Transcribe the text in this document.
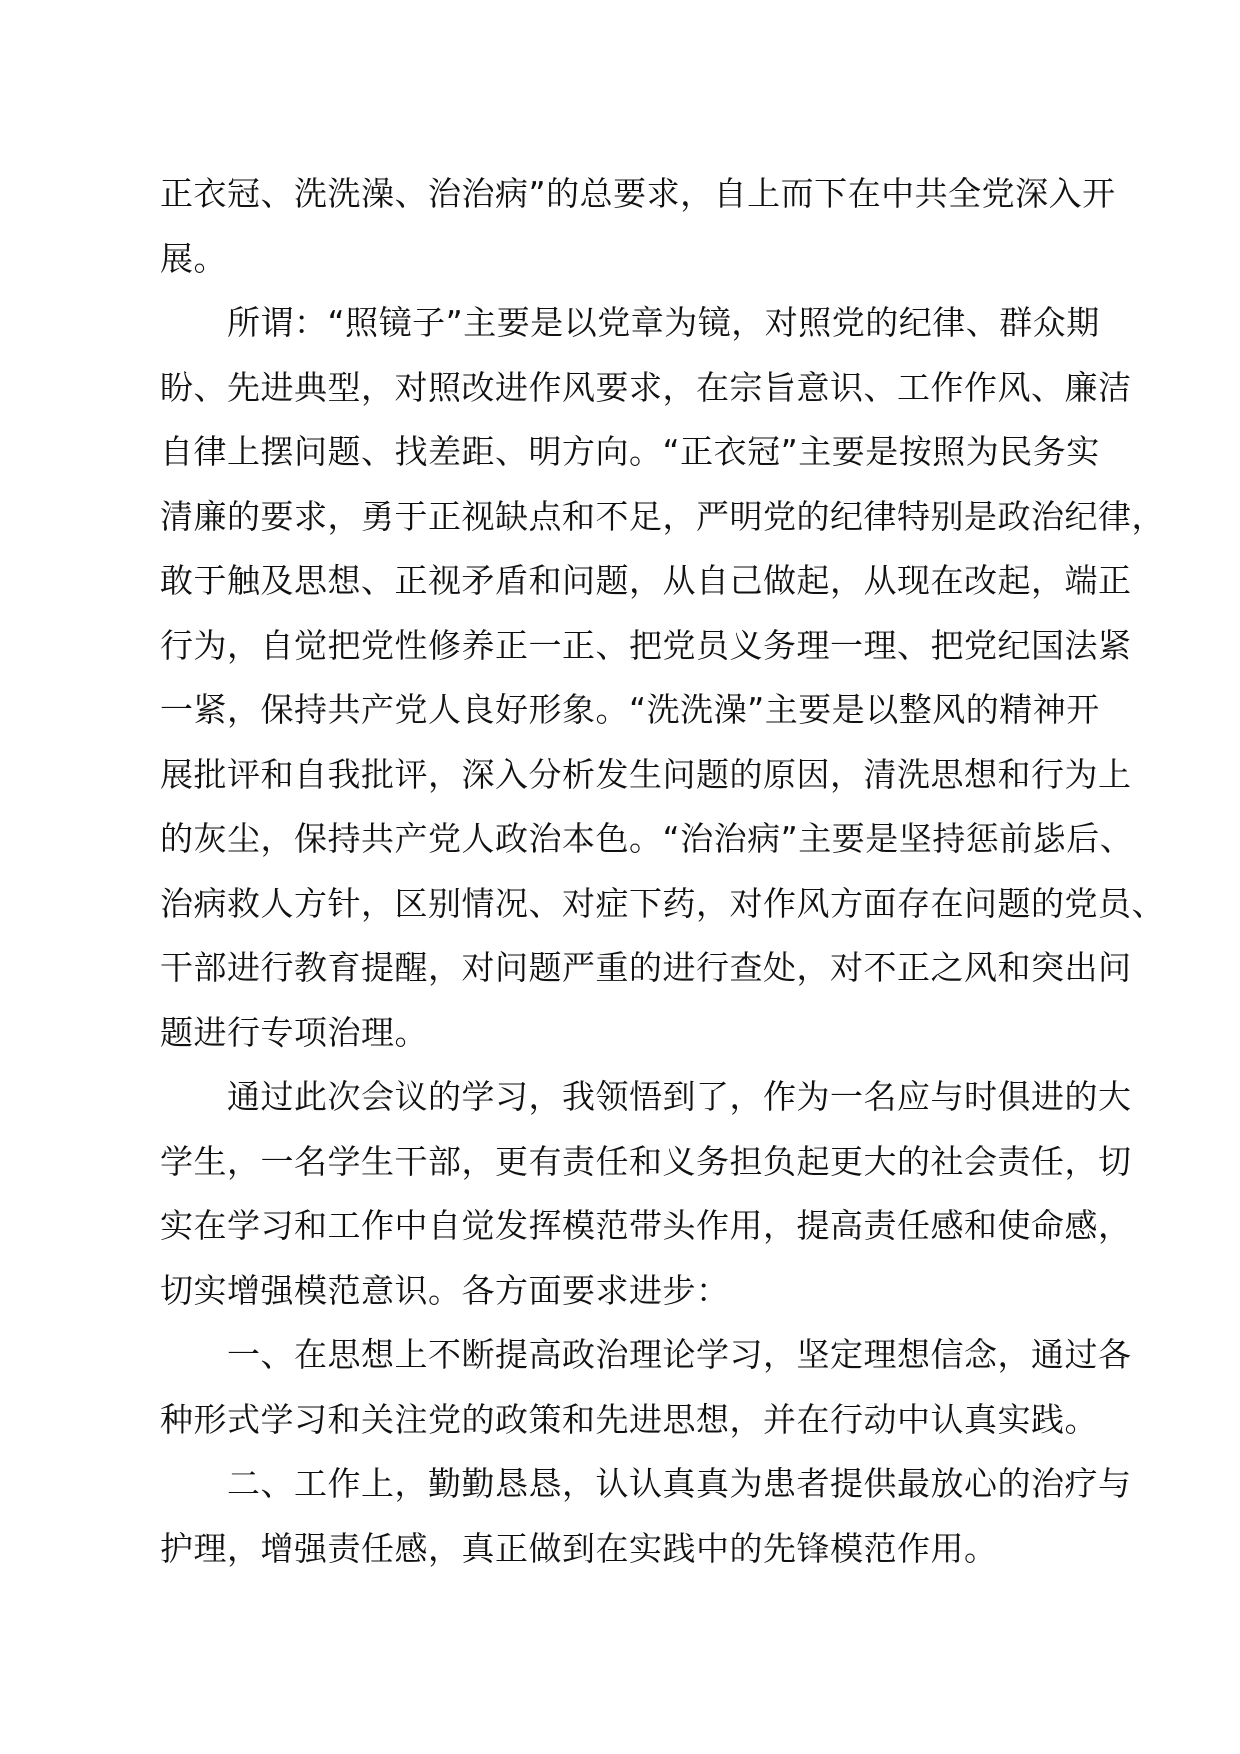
正衣冠、洗洗澡、治治病”的总要求，自上而下在中共全党深入开
展。
　　所谓：“照镜子”主要是以党章为镜，对照党的纪律、群众期
盼、先进典型，对照改进作风要求，在宗旨意识、工作作风、廉洁
自律上摆问题、找差距、明方向。“正衣冠”主要是按照为民务实
清廉的要求，勇于正视缺点和不足，严明党的纪律特别是政治纪律，
敢于触及思想、正视矛盾和问题，从自己做起，从现在改起，端正
行为，自觉把党性修养正一正、把党员义务理一理、把党纪国法紧
一紧，保持共产党人良好形象。“洗洗澡”主要是以整风的精神开
展批评和自我批评，深入分析发生问题的原因，清洗思想和行为上
的灰尘，保持共产党人政治本色。“治治病”主要是坚持惩前毖后、
治病救人方针，区别情况、对症下药，对作风方面存在问题的党员、
干部进行教育提醒，对问题严重的进行查处，对不正之风和突出问
题进行专项治理。
　　通过此次会议的学习，我领悟到了，作为一名应与时俱进的大
学生，一名学生干部，更有责任和义务担负起更大的社会责任，切
实在学习和工作中自觉发挥模范带头作用，提高责任感和使命感，
切实增强模范意识。各方面要求进步：
　　一、在思想上不断提高政治理论学习，坚定理想信念，通过各
种形式学习和关注党的政策和先进思想，并在行动中认真实践。
　　二、工作上，勤勤恳恳，认认真真为患者提供最放心的治疗与
护理，增强责任感，真正做到在实践中的先锋模范作用。
